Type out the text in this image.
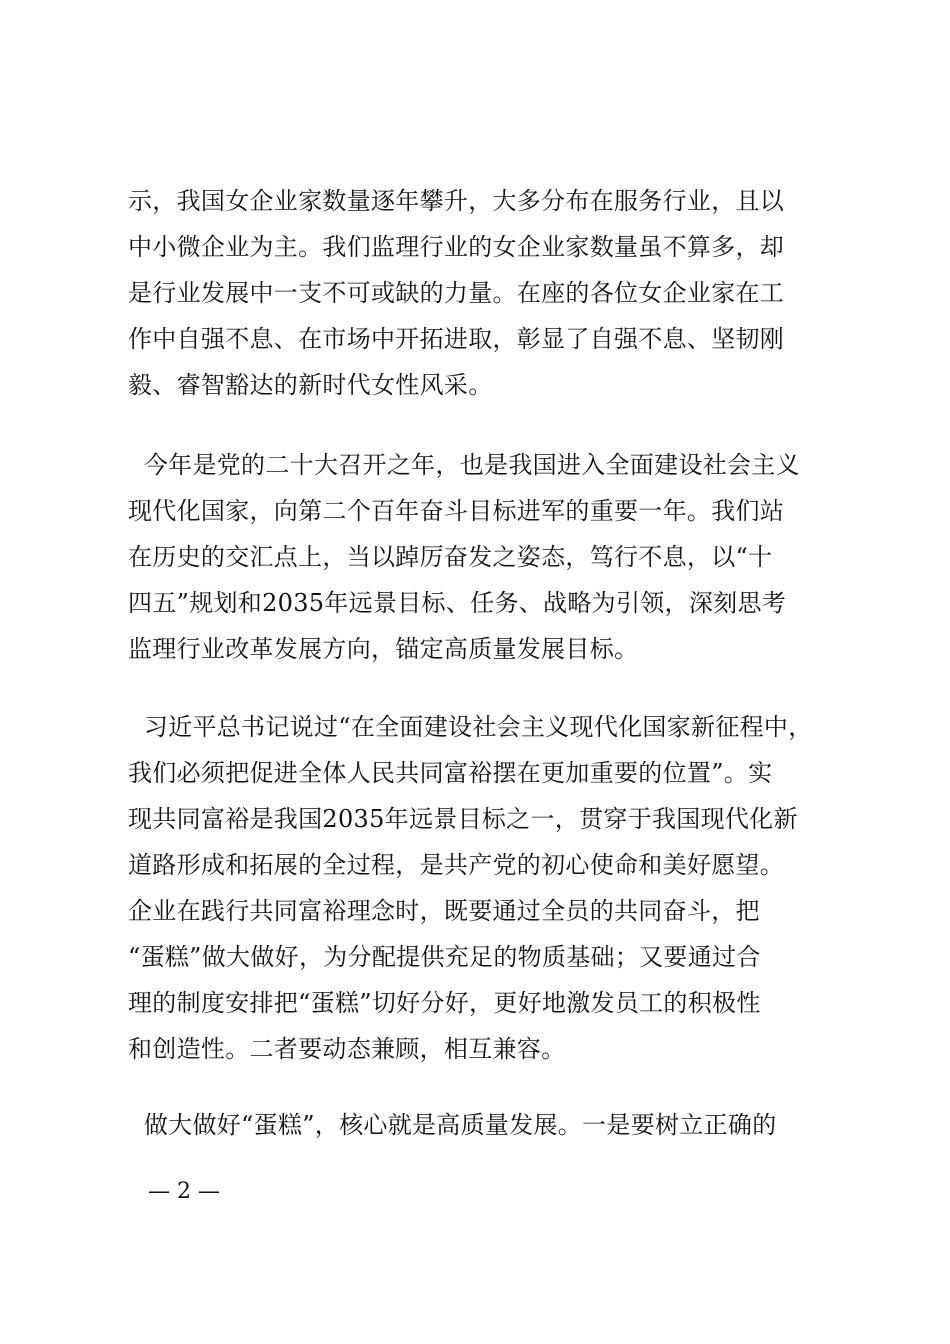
示，我国女企业家数量逐年攀升，大多分布在服务行业，且以
中小微企业为主。我们监理行业的女企业家数量虽不算多，却
是行业发展中一支不可或缺的力量。在座的各位女企业家在工
作中自强不息、在市场中开拓进取，彰显了自强不息、坚韧刚
毅、睿智豁达的新时代女性风采。
今年是党的二十大召开之年，也是我国进入全面建设社会主义
现代化国家，向第二个百年奋斗目标进军的重要一年。我们站
在历史的交汇点上，当以踔厉奋发之姿态，笃行不息，以“十
四五”规划和2035年远景目标、任务、战略为引领，深刻思考
监理行业改革发展方向，锚定高质量发展目标。
习近平总书记说过“在全面建设社会主义现代化国家新征程中，
我们必须把促进全体人民共同富裕摆在更加重要的位置”。实
现共同富裕是我国2035年远景目标之一，贯穿于我国现代化新
道路形成和拓展的全过程，是共产党的初心使命和美好愿望。
企业在践行共同富裕理念时，既要通过全员的共同奋斗，把
“蛋糕”做大做好，为分配提供充足的物质基础；又要通过合
理的制度安排把“蛋糕”切好分好，更好地激发员工的积极性
和创造性。二者要动态兼顾，相互兼容。
做大做好“蛋糕”，核心就是高质量发展。一是要树立正确的
— 2 —
